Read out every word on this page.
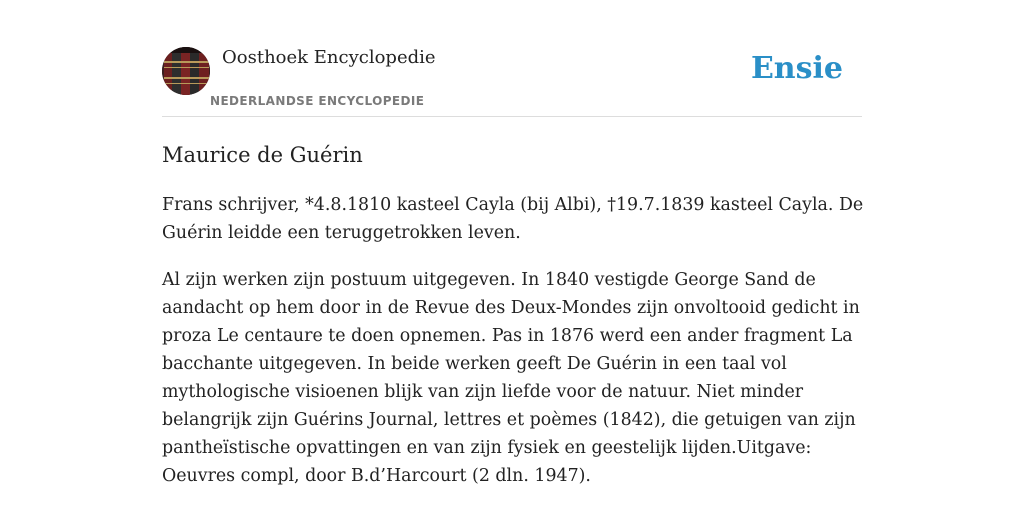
Oosthoek Encyclopedie
NEDERLANDSE ENCYCLOPEDIE
Ensie
Maurice de Guérin

Frans schrijver, *4.8.1810 kasteel Cayla (bij Albi), †19.7.1839 kasteel Cayla. De Guérin leidde een teruggetrokken leven.

Al zijn werken zijn postuum uitgegeven. In 1840 vestigde George Sand de aandacht op hem door in de Revue des Deux-Mondes zijn onvoltooid gedicht in proza Le centaure te doen opnemen. Pas in 1876 werd een ander fragment La bacchante uitgegeven. In beide werken geeft De Guérin in een taal vol mythologische visioenen blijk van zijn liefde voor de natuur. Niet minder belangrijk zijn Guérins Journal, lettres et poèmes (1842), die getuigen van zijn pantheïstische opvattingen en van zijn fysiek en geestelijk lijden.Uitgave: Oeuvres compl, door B.d’Harcourt (2 dln. 1947).
